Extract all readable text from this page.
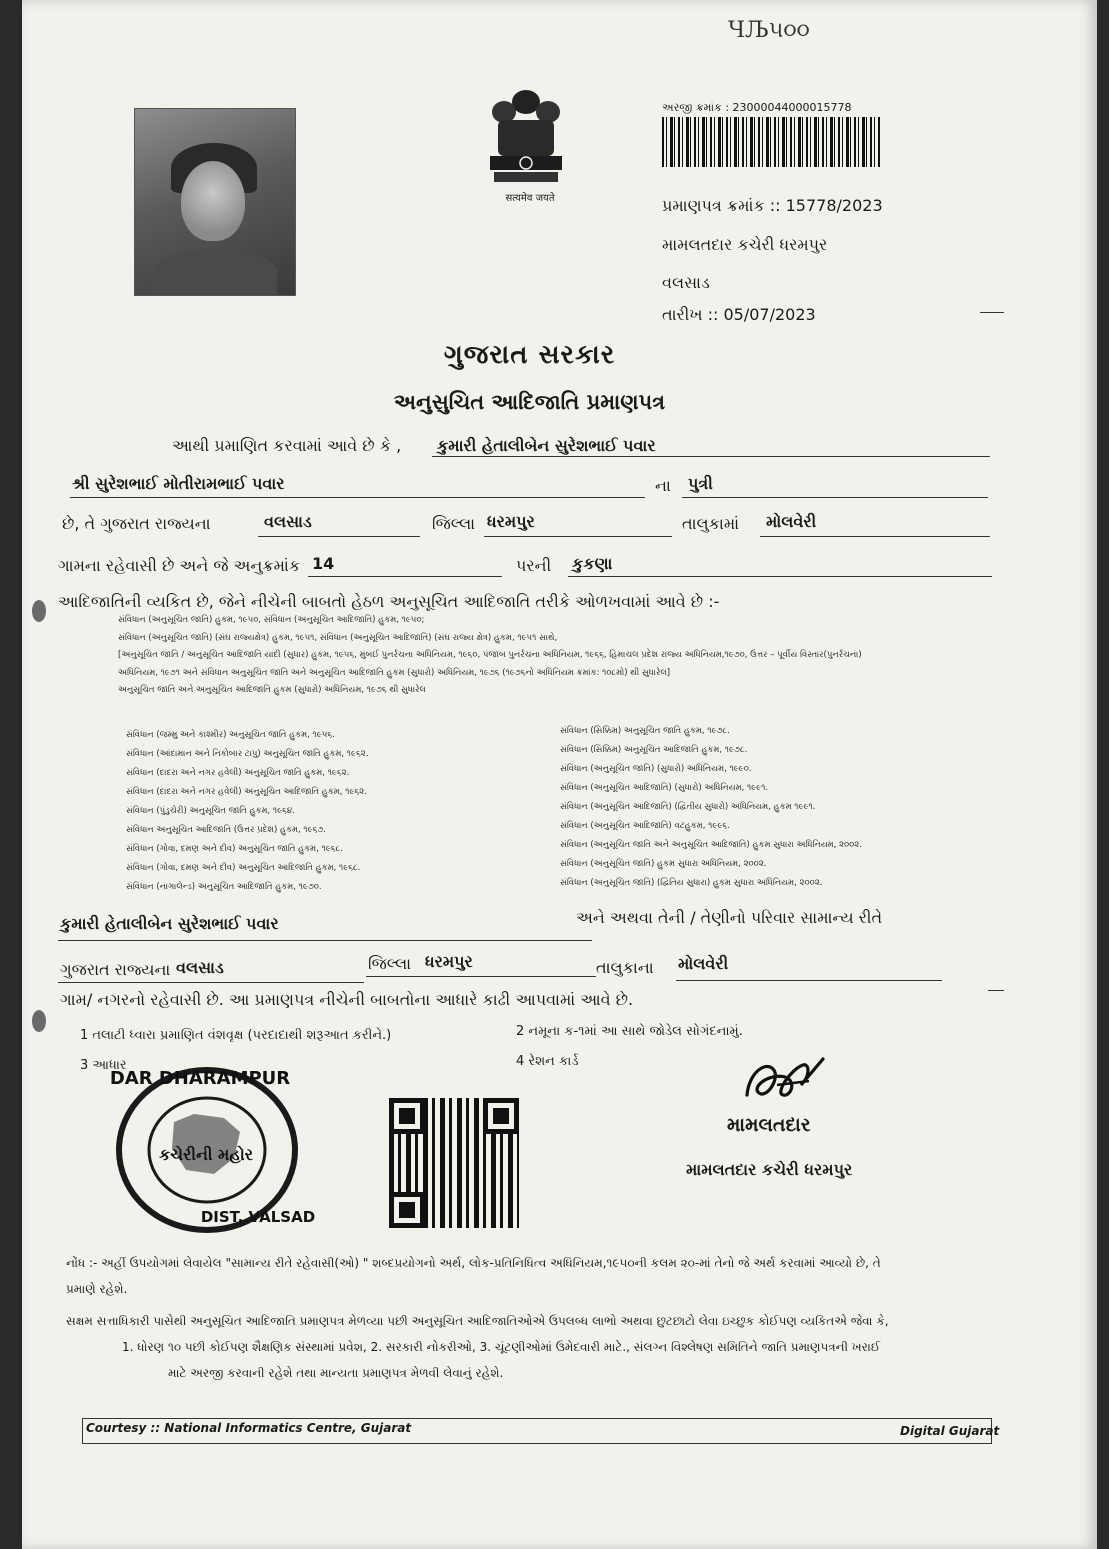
ЧЉ૫૦૦
सत्यमेव जयते
અરજી ક્રમાંક : 23000044000015778
પ્રમાણપત્ર ક્રમાંક :: 15778/2023
મામલતદાર કચેરી ધરમપુર
વલસાડ
તારીખ :: 05/07/2023
ગુજરાત સરકાર
અનુસુચિત આદિજાતિ પ્રમાણપત્ર
આથી પ્રમાણિત કરવામાં આવે છે કે , કુમારી હેતાલીબેન સુરેશભાઈ પવાર
શ્રી સુરેશભાઈ મોતીરામભાઈ પવાર	ના પુત્રી
છે, તે ગુજરાત રાજ્યના	વલસાડ	જિલ્લા ધરમપુર	તાલુકામાં મોલવેરી
ગામના રહેવાસી છે અને જે અનુક્રમાંક 14	પરની કુકણા
આદિજાતિની વ્યકિત છે, જેને નીચેની બાબતો હેઠળ અનુસૂચિત આદિજાતિ તરીકે ઓળખવામાં આવે છે :-
સંવિધાન (અનુસૂચિત જાતિ) હુકમ, ૧૯૫૦, સંવિધાન (અનુસૂચિત આદિજાતિ) હુકમ, ૧૯૫૦;
સંવિધાન (અનુસૂચિત જાતિ) (સંઘ રાજ્યક્ષેત્ર) હુકમ, ૧૯૫૧, સંવિધાન (અનુસૂચિત આદિજાતિ) (સંઘ રાજ્ય ક્ષેત્ર) હુકમ, ૧૯૫૧ સાથે,
[અનુસૂચિત જાતિ / અનુસૂચિત આદિજાતિ યાદી (સુધાર) હુકમ, ૧૯૫૬, મુંબઈ પુનર્રચના અધિનિયમ, ૧૯૬૦, પંજાબ પુનર્રચના અધિનિયમ, ૧૯૬૬, હિમાચલ પ્રદેશ રાજ્ય અધિનિયમ,૧૯૭૦, ઉત્તર – પૂર્વીય વિસ્તાર(પુનર્રચના)
અધિનિયમ, ૧૯૭૧ અને સંવિધાન અનુસૂચિત જાતિ અને અનુસૂચિત આદિજાતિ હુકમ (સુધારો) અધિનિયમ, ૧૯૭૬ (૧૯૭૬નો અધિનિયમ ક્રમાંક: ૧૦૮મો) થી સુધારેલ]
અનુસૂચિત જાતિ અને અનુસૂચિત આદિજાતિ હુકમ (સુધારો) અધિનિયમ, ૧૯૭૬ થી સુધારેલ
સંવિધાન (જમ્મુ અને કાશ્મીર) અનુસૂચિત જાતિ હુકમ, ૧૯૫૬.
સંવિધાન (આંદામાન અને નિકોબાર ટાપુ) અનુસૂચિત જાતિ હુકમ, ૧૯૬૨.
સંવિધાન (દાદરા અને નગર હવેલી) અનુસૂચિત જાતિ હુકમ, ૧૯૬૨.
સંવિધાન (દાદરા અને નગર હવેલી) અનુસૂચિત આદિજાતિ હુકમ, ૧૯૬૨.
સંવિધાન (પુંડુચેરી) અનુસૂચિત જાતિ હુકમ, ૧૯૬૪.
સંવિધાન અનુસૂચિત આદિજાતિ (ઉત્તર પ્રદેશ) હુકમ, ૧૯૬૭.
સંવિધાન (ગોવા, દમણ અને દીવ) અનુસૂચિત જાતિ હુકમ, ૧૯૬૮.
સંવિધાન (ગોવા, દમણ અને દીવ) અનુસૂચિત આદિજાતિ હુકમ, ૧૯૬૮.
સંવિધાન (નાગાલેન્ડ) અનુસૂચિત આદિજાતિ હુકમ, ૧૯૭૦.
સંવિધાન (સિક્કિમ) અનુસૂચિત જાતિ હુકમ, ૧૯૭૮.
સંવિધાન (સિક્કિમ) અનુસૂચિત આદિજાતિ હુકમ, ૧૯૭૮.
સંવિધાન (અનુસૂચિત જાતિ) (સુધારો) અધિનિયમ, ૧૯૯૦.
સંવિધાન (અનુસૂચિત આદિજાતિ) (સુધારો) અધિનિયમ, ૧૯૯૧.
સંવિધાન (અનુસૂચિત આદિજાતિ) (દ્વિતીય સુધારો) અધિનિયમ, હુકમ ૧૯૯૧.
સંવિધાન (અનુસૂચિત આદિજાતિ) વટહુકમ, ૧૯૯૬.
સંવિધાન (અનુસૂચિત જાતિ અને અનુસૂચિત આદિજાતિ) હુકમ સુધારા અધિનિયમ, ૨૦૦૨.
સંવિધાન (અનુસૂચિત જાતિ) હુકમ સુધારા અધિનિયમ, ૨૦૦૨.
સંવિધાન (અનુસૂચિત જાતિ) (દ્વિતિય સુધારા) હુકમ સુધારા અધિનિયમ, ૨૦૦૨.
કુમારી હેતાલીબેન સુરેશભાઈ પવાર	અને અથવા તેની / તેણીનો પરિવાર સામાન્ય રીતે
ગુજરાત રાજ્યના વલસાડ	જિલ્લા ધરમપુર	તાલુકાના મોલવેરી
ગામ/ નગરનો રહેવાસી છે. આ પ્રમાણપત્ર નીચેની બાબતોના આધારે કાઢી આપવામાં આવે છે.
1 તલાટી ધ્વારા પ્રમાણિત વંશવૃક્ષ (પરદાદાથી શરૂઆત કરીને.)	2 નમૂના ક-૧માં આ સાથે જોડેલ સોગંદનામું.
3 આધાર	4 રેશન કાર્ડ
DAR DHARAMPUR
DIST. VALSAD
કચેરીની મહોર
મામલતદાર
મામલતદાર કચેરી ધરમપુર
નોંધ :- અહીં ઉપયોગમાં લેવાયેલ "સામાન્ય રીતે રહેવાસી(ઓ) " શબ્દપ્રયોગનો અર્થ, લોક-પ્રતિનિધિત્વ અધિનિયમ,૧૯૫૦ની કલમ ૨૦-માં તેનો જે અર્થ કરવામાં આવ્યો છે, તે
પ્રમાણે રહેશે.
સક્ષમ સત્તાધિકારી પાસેથી અનુસૂચિત આદિજાતિ પ્રમાણપત્ર મેળવ્યા પછી અનુસૂચિત આદિજાતિઓએ ઉપલબ્ધ લાભો અથવા છુટછાટો લેવા ઇચ્છુક કોઈપણ વ્યકિતએ જેવા કે,
1. ધોરણ ૧૦ પછી કોઈપણ શૈક્ષણિક સંસ્થામાં પ્રવેશ, 2. સરકારી નોકરીઓ, 3. ચૂંટણીઓમાં ઉમેદવારી માટે., સંલગ્ન વિશ્લેષણ સમિતિને જાતિ પ્રમાણપત્રની ખરાઈ
માટે અરજી કરવાની રહેશે તથા માન્યતા પ્રમાણપત્ર મેળવી લેવાનું રહેશે.
Courtesy :: National Informatics Centre, Gujarat	Digital Gujarat
